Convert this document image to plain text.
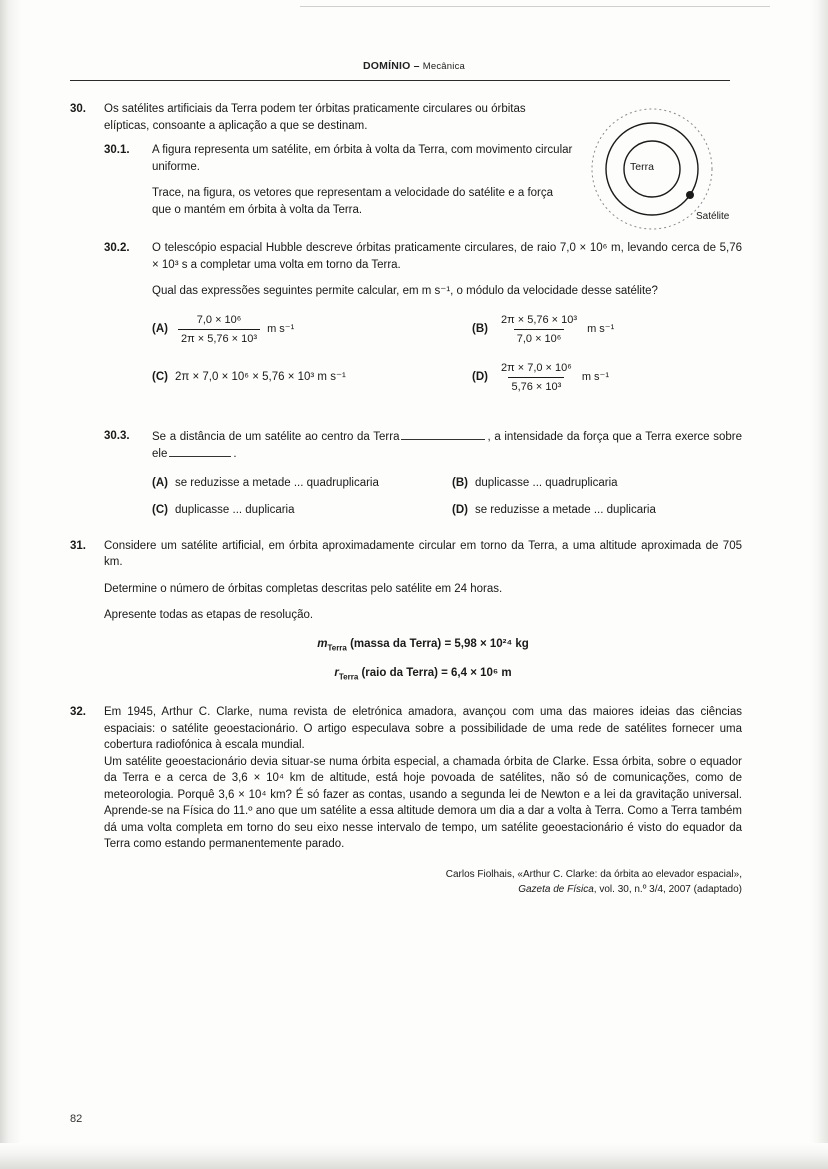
DOMÍNIO – Mecânica
Terra
Satélite
30.	Os satélites artificiais da Terra podem ter órbitas praticamente circulares ou órbitas elípticas, consoante a aplicação a que se destinam.

30.1.	A figura representa um satélite, em órbita à volta da Terra, com movimento circular uniforme.

Trace, na figura, os vetores que representam a velocidade do satélite e a força que o mantém em órbita à volta da Terra.

30.2.	O telescópio espacial Hubble descreve órbitas praticamente circulares, de raio 7,0 × 10⁶ m, levando cerca de 5,76 × 10³ s a completar uma volta em torno da Terra.

Qual das expressões seguintes permite calcular, em m s⁻¹, o módulo da velocidade desse satélite?

$(A) \frac{\text{7,0 × 10⁶}}{\text{2π × 5,76 × 10³}}$ m s⁻¹	$(B) \frac{\text{2π × 5,76 × 10³}}{\text{7,0 × 10⁶}}$ m s⁻¹
(C) 2π × 7,0 × 10⁶ × 5,76 × 10³ m s⁻¹	$(D) \frac{\text{2π × 7,0 × 10⁶}}{\text{5,76 × 10³}}$ m s⁻¹
30.3.	Se a distância de um satélite ao centro da Terra	, a intensidade da força que a Terra exerce sobre ele	.

(A) se reduzisse a metade ... quadruplicaria	(B) duplicasse ... quadruplicaria
(C) duplicasse ... duplicaria	(D) se reduzisse a metade ... duplicaria
31.	Considere um satélite artificial, em órbita aproximadamente circular em torno da Terra, a uma altitude aproximada de 705 km.

Determine o número de órbitas completas descritas pelo satélite em 24 horas.

Apresente todas as etapas de resolução.

$m_{Terra}$ (massa da Terra) = 5,98 × 10²⁴ kg
$r_{Terra}$ (raio da Terra) = 6,4 × 10⁶ m
32.	Em 1945, Arthur C. Clarke, numa revista de eletrónica amadora, avançou com uma das maiores ideias das ciências espaciais: o satélite geoestacionário. O artigo especulava sobre a possibilidade de uma rede de satélites fornecer uma cobertura radiofónica à escala mundial.

Um satélite geoestacionário devia situar-se numa órbita especial, a chamada órbita de Clarke. Essa órbita, sobre o equador da Terra e a cerca de 3,6 × 10⁴ km de altitude, está hoje povoada de satélites, não só de comunicações, como de meteorologia. Porquê 3,6 × 10⁴ km? É só fazer as contas, usando a segunda lei de Newton e a lei da gravitação universal. Aprende-se na Física do 11.º ano que um satélite a essa altitude demora um dia a dar a volta à Terra. Como a Terra também dá uma volta completa em torno do seu eixo nesse intervalo de tempo, um satélite geoestacionário é visto do equador da Terra como estando permanentemente parado.

Carlos Fiolhais, «Arthur C. Clarke: da órbita ao elevador espacial»,
Gazeta de Física, vol. 30, n.º 3/4, 2007 (adaptado)
82
